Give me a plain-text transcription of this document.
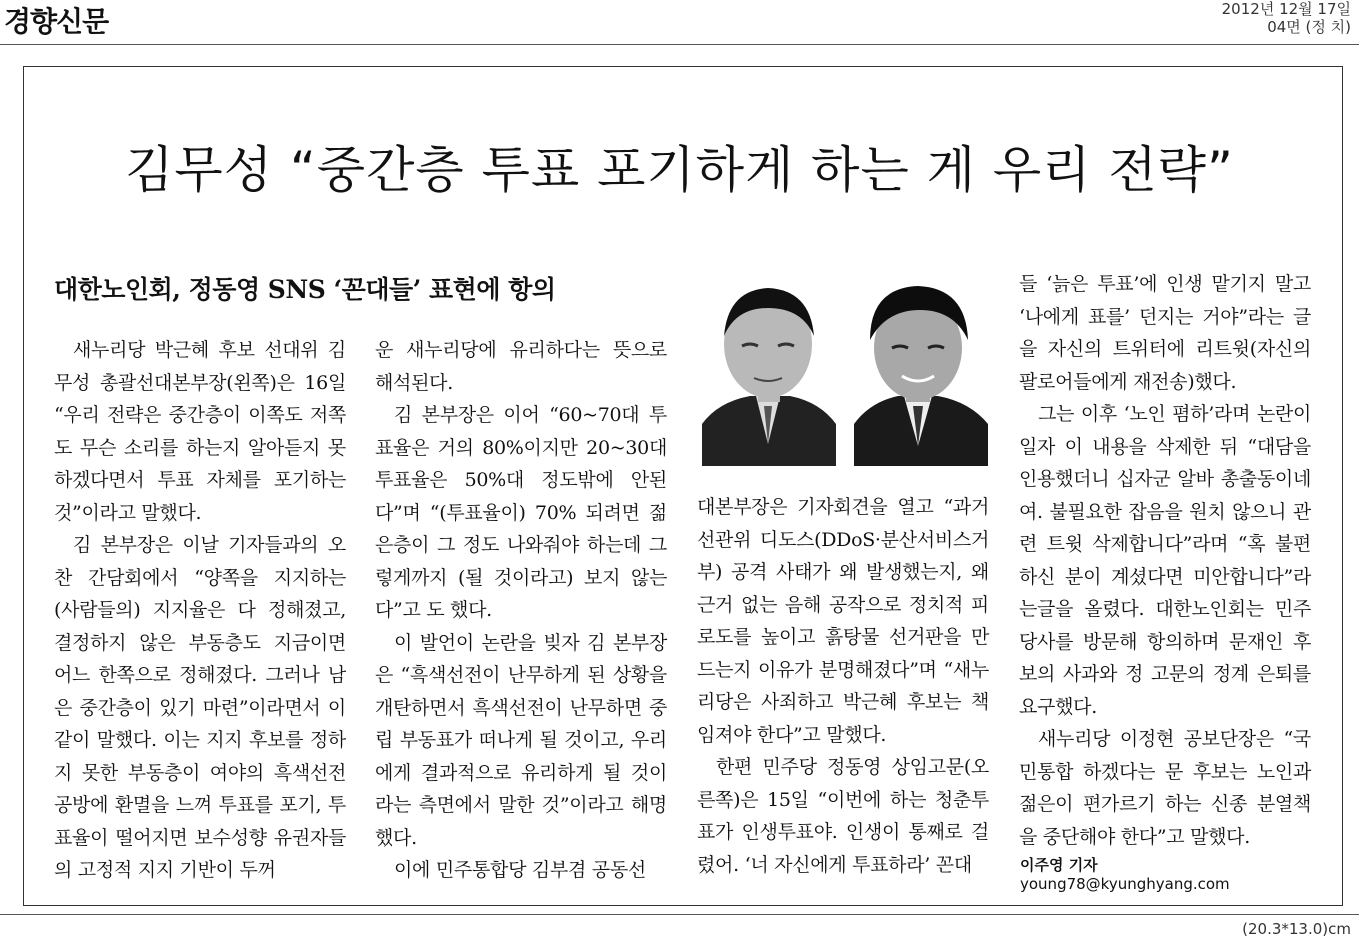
경향신문	2012년 12월 17일
04면 (정 치)
김무성 “중간층 투표 포기하게 하는 게 우리 전략”
대한노인회, 정동영 SNS ‘꼰대들’ 표현에 항의

새누리당 박근혜 후보 선대위 김무성 총괄선대본부장(왼쪽)은 16일 “우리 전략은 중간층이 이쪽도 저쪽도 무슨 소리를 하는지 알아듣지 못하겠다면서 투표 자체를 포기하는 것”이라고 말했다.

김 본부장은 이날 기자들과의 오찬 간담회에서 “양쪽을 지지하는 (사람들의) 지지율은 다 정해졌고, 결정하지 않은 부동층도 지금이면 어느 한쪽으로 정해졌다. 그러나 남은 중간층이 있기 마련”이라면서 이같이 말했다. 이는 지지 후보를 정하지 못한 부동층이 여야의 흑색선전 공방에 환멸을 느껴 투표를 포기, 투표율이 떨어지면 보수성향 유권자들의 고정적 지지 기반이 두꺼

운 새누리당에 유리하다는 뜻으로 해석된다.

김 본부장은 이어 “60~70대 투표율은 거의 80%이지만 20~30대 투표율은 50%대 정도밖에 안된다”며 “(투표율이) 70% 되려면 젊은층이 그 정도 나와줘야 하는데 그렇게까지 (될 것이라고) 보지 않는다”고 도 했다.

이 발언이 논란을 빚자 김 본부장은 “흑색선전이 난무하게 된 상황을 개탄하면서 흑색선전이 난무하면 중립 부동표가 떠나게 될 것이고, 우리에게 결과적으로 유리하게 될 것이라는 측면에서 말한 것”이라고 해명했다.

이에 민주통합당 김부겸 공동선

대본부장은 기자회견을 열고 “과거 선관위 디도스(DDoS·분산서비스거부) 공격 사태가 왜 발생했는지, 왜 근거 없는 음해 공작으로 정치적 피로도를 높이고 흙탕물 선거판을 만드는지 이유가 분명해졌다”며 “새누리당은 사죄하고 박근혜 후보는 책임져야 한다”고 말했다.

한편 민주당 정동영 상임고문(오른쪽)은 15일 “이번에 하는 청춘투표가 인생투표야. 인생이 통째로 걸렸어. ‘너 자신에게 투표하라’ 꼰대

들 ‘늙은 투표’에 인생 맡기지 말고 ‘나에게 표를’ 던지는 거야”라는 글을 자신의 트위터에 리트윗(자신의 팔로어들에게 재전송)했다.

그는 이후 ‘노인 폄하’라며 논란이 일자 이 내용을 삭제한 뒤 “대담을 인용했더니 십자군 알바 총출동이네여. 불필요한 잡음을 원치 않으니 관련 트윗 삭제합니다”라며 “혹 불편하신 분이 계셨다면 미안합니다”라는글을 올렸다. 대한노인회는 민주당사를 방문해 항의하며 문재인 후보의 사과와 정 고문의 정계 은퇴를 요구했다.

새누리당 이정현 공보단장은 “국민통합 하겠다는 문 후보는 노인과 젊은이 편가르기 하는 신종 분열책을 중단해야 한다”고 말했다.

이주영 기자 young78@kyunghyang.com
(20.3*13.0)cm
